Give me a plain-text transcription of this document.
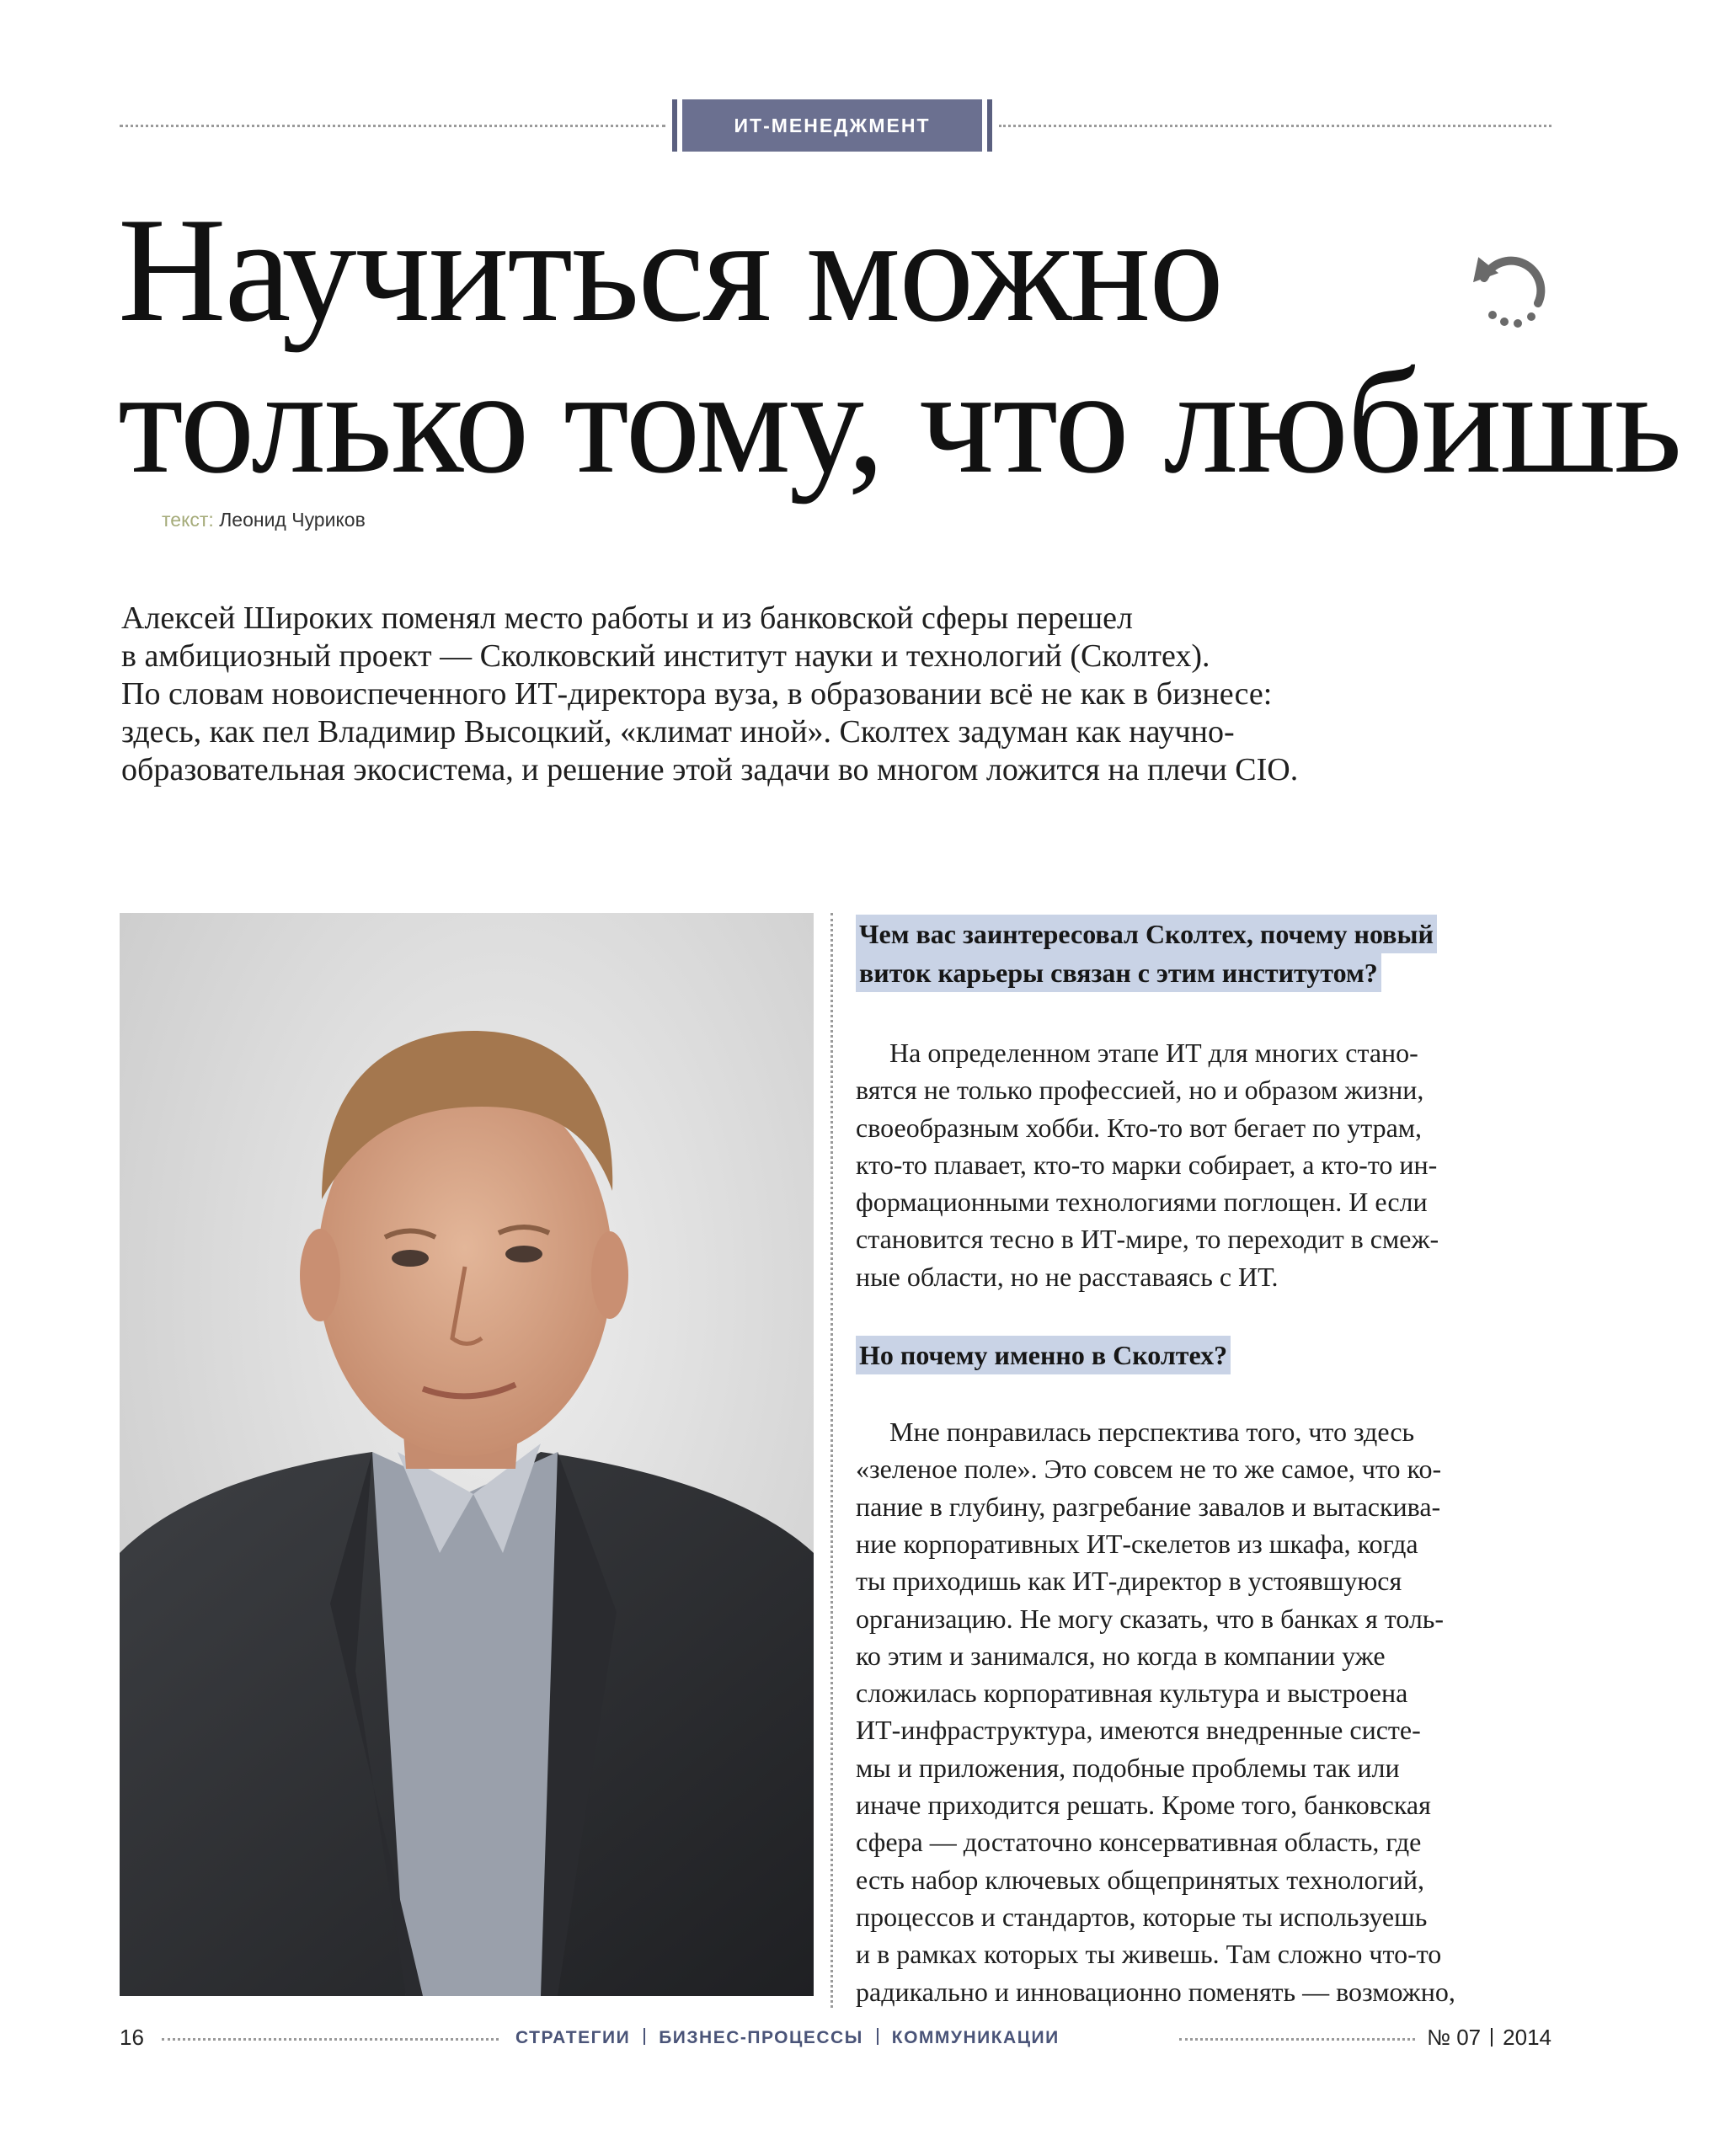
ИТ-МЕНЕДЖМЕНТ
Научиться можно
только тому, что любишь
текст: Леонид Чуриков
Алексей Широких поменял место работы и из банковской сферы перешел
в амбициозный проект — Сколковский институт науки и технологий (Сколтех).
По словам новоиспеченного ИТ-директора вуза, в образовании всё не как в бизнесе:
здесь, как пел Владимир Высоцкий, «климат иной». Сколтех задуман как научно-
образовательная экосистема, и решение этой задачи во многом ложится на плечи CIO.
Чем вас заинтересовал Сколтех, почему новый
виток карьеры связан с этим институтом?
На определенном этапе ИТ для многих стано-
вятся не только профессией, но и образом жизни,
своеобразным хобби. Кто-то вот бегает по утрам,
кто-то плавает, кто-то марки собирает, а кто-то ин-
формационными технологиями поглощен. И если
становится тесно в ИТ-мире, то переходит в смеж-
ные области, но не расставаясь с ИТ.
Но почему именно в Сколтех?
Мне понравилась перспектива того, что здесь
«зеленое поле». Это совсем не то же самое, что ко-
пание в глубину, разгребание завалов и вытаскива-
ние корпоративных ИТ-скелетов из шкафа, когда
ты приходишь как ИТ-директор в устоявшуюся
организацию. Не могу сказать, что в банках я толь-
ко этим и занимался, но когда в компании уже
сложилась корпоративная культура и выстроена
ИТ-инфраструктура, имеются внедренные систе-
мы и приложения, подобные проблемы так или
иначе приходится решать. Кроме того, банковская
сфера — достаточно консервативная область, где
есть набор ключевых общепринятых технологий,
процессов и стандартов, которые ты используешь
и в рамках которых ты живешь. Там сложно что-то
радикально и инновационно поменять — возможно,
16	СТРАТЕГИИ БИЗНЕС-ПРОЦЕССЫ КОММУНИКАЦИИ	№ 07 2014
